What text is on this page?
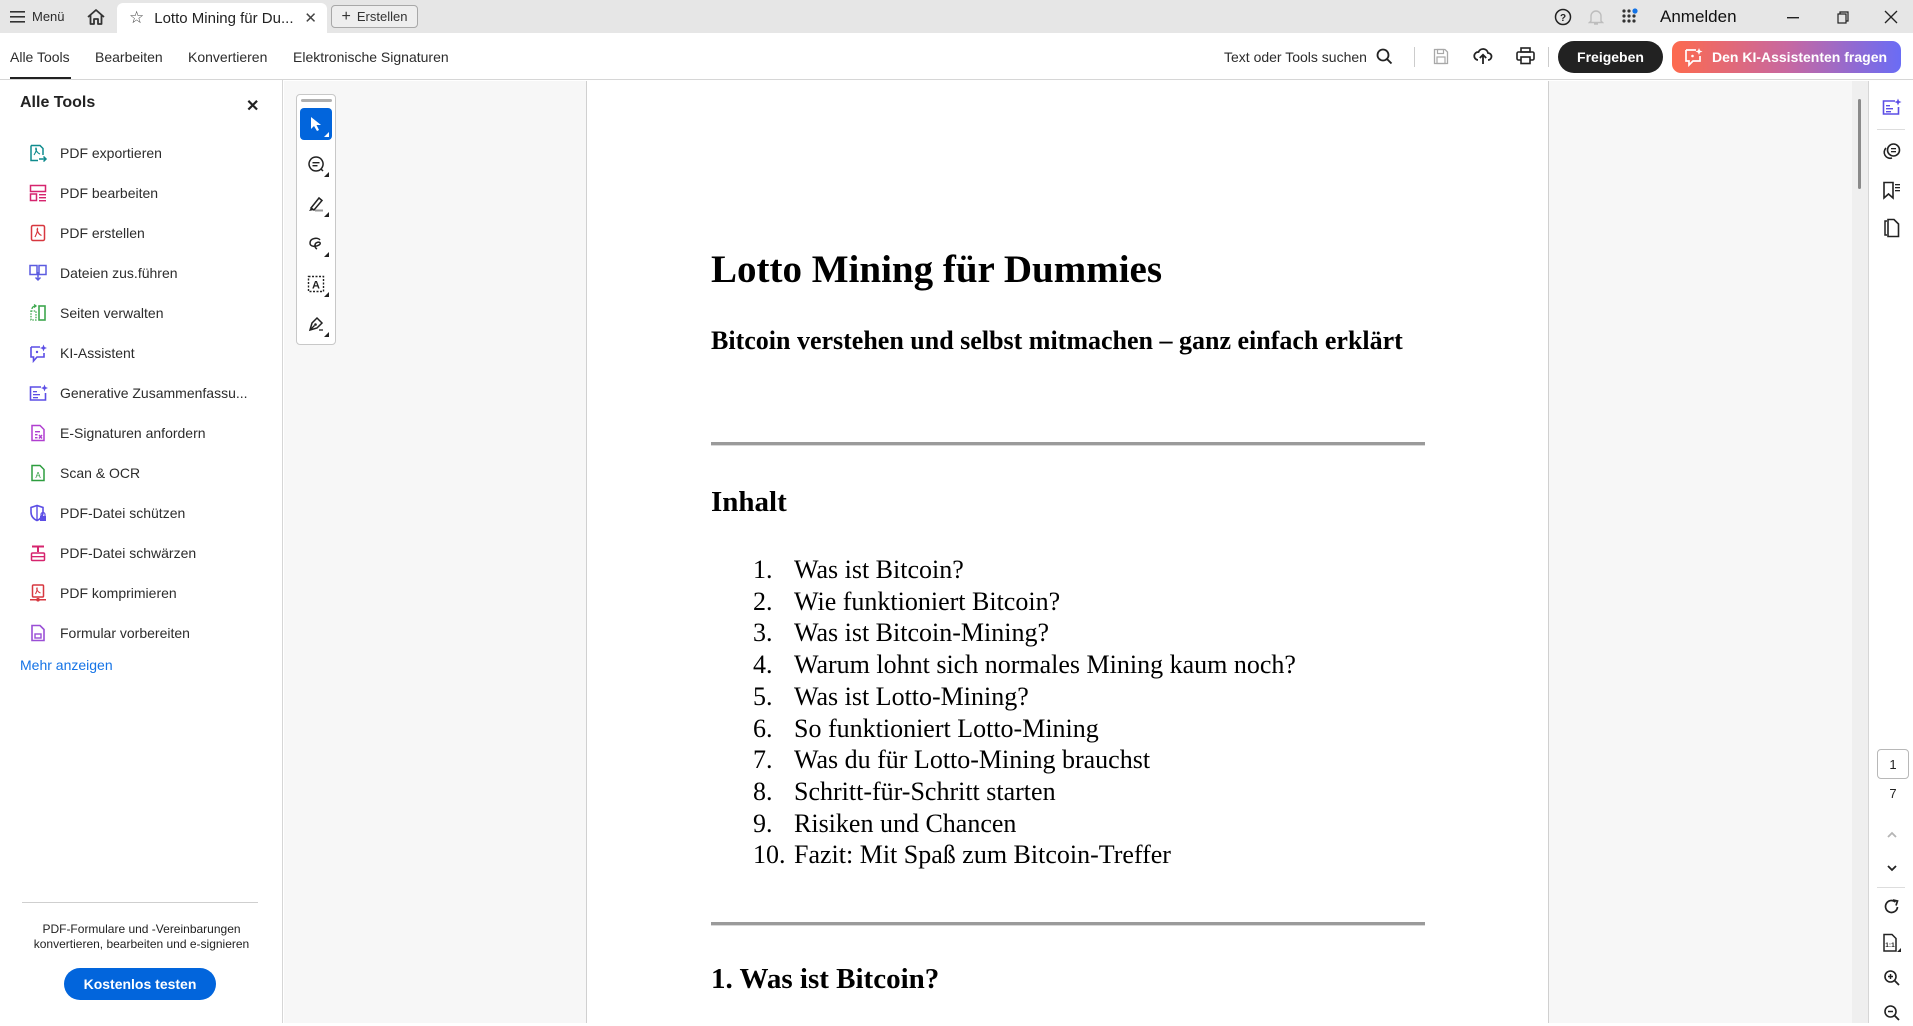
Menü	☆ Lotto Mining für Du... ✕ + Erstellen	?	Anmelden
Alle Tools Bearbeiten Konvertieren Elektronische Signaturen	Text oder Tools suchen	Freigeben	Den KI-Assistenten fragen
Alle Tools	✕
PDF exportieren
PDF bearbeiten
PDF erstellen
Dateien zus.führen
Seiten verwalten
KI-Assistent
Generative Zusammenfassu...
E-Signaturen anfordern
A Scan & OCR
PDF-Datei schützen
PDF-Datei schwärzen
PDF komprimieren
Formular vorbereiten
Mehr anzeigen
PDF-Formulare und -Vereinbarungen konvertieren, bearbeiten und e-signieren
Kostenlos testen
A	Lotto Mining für Dummies
Bitcoin verstehen und selbst mitmachen – ganz einfach erklärt
Inhalt
1. Was ist Bitcoin?
2. Wie funktioniert Bitcoin?
3. Was ist Bitcoin-Mining?
4. Warum lohnt sich normales Mining kaum noch?
5. Was ist Lotto-Mining?
6. So funktioniert Lotto-Mining
7. Was du für Lotto-Mining brauchst
8. Schritt-für-Schritt starten
9. Risiken und Chancen
10. Fazit: Mit Spaß zum Bitcoin-Treffer
1. Was ist Bitcoin?
1
7
1:1
